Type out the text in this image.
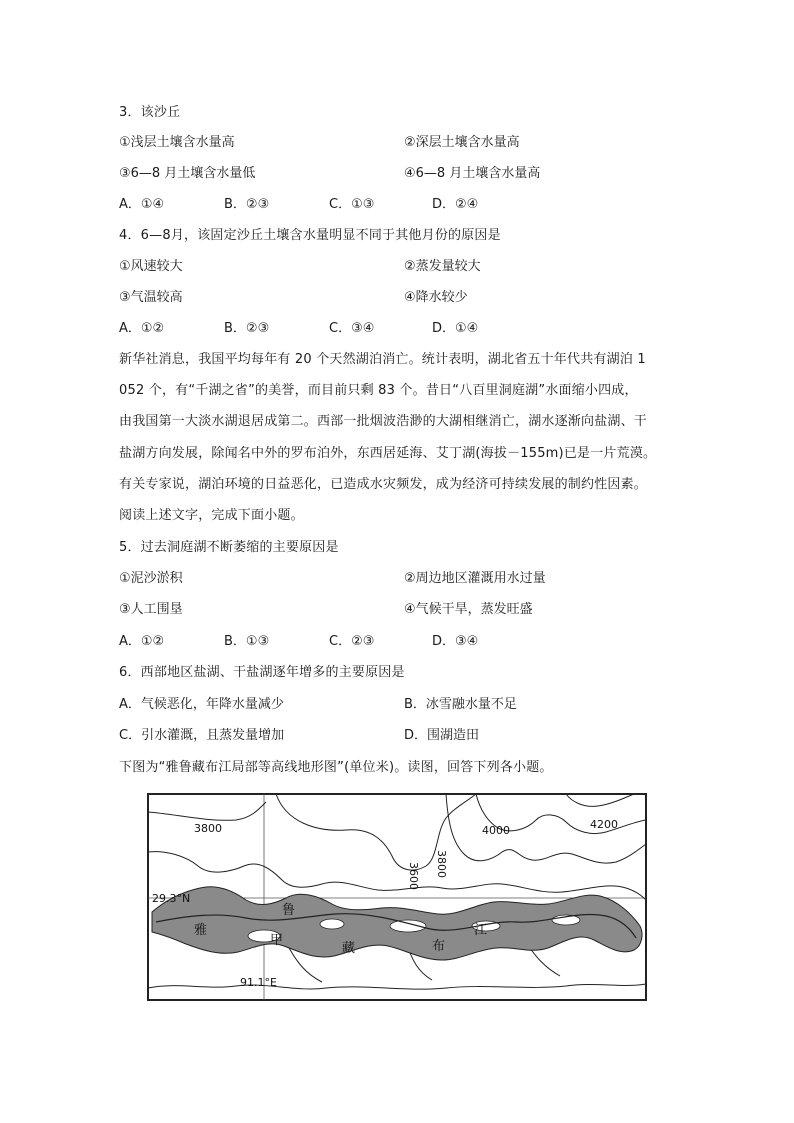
3．该沙丘
①浅层土壤含水量高	②深层土壤含水量高
③6—8 月土壤含水量低	④6—8 月土壤含水量高
A．①④	B．②③	C．①③	D．②④
4．6—8月，该固定沙丘土壤含水量明显不同于其他月份的原因是
①风速较大	②蒸发量较大
③气温较高	④降水较少
A．①②	B．②③	C．③④	D．①④
新华社消息，我国平均每年有 20 个天然湖泊消亡。统计表明，湖北省五十年代共有湖泊 1
052 个，有“千湖之省”的美誉，而目前只剩 83 个。昔日“八百里洞庭湖”水面缩小四成，
由我国第一大淡水湖退居成第二。西部一批烟波浩渺的大湖相继消亡，湖水逐渐向盐湖、干
盐湖方向发展，除闻名中外的罗布泊外，东西居延海、艾丁湖(海拔－155m)已是一片荒漠。
有关专家说，湖泊环境的日益恶化，已造成水灾频发，成为经济可持续发展的制约性因素。
阅读上述文字，完成下面小题。
5．过去洞庭湖不断萎缩的主要原因是
①泥沙淤积	②周边地区灌溉用水过量
③人工围垦	④气候干旱，蒸发旺盛
A．①②	B．①③	C．②③	D．③④
6．西部地区盐湖、干盐湖逐年增多的主要原因是
A．气候恶化，年降水量减少	B．冰雪融水量不足
C．引水灌溉，且蒸发量增加	D．围湖造田
下图为“雅鲁藏布江局部等高线地形图”(单位米)。读图，回答下列各小题。
3800	4000	4200
3800
3600
29.3°N
91.1°E
雅
鲁
甲
藏	布
江
